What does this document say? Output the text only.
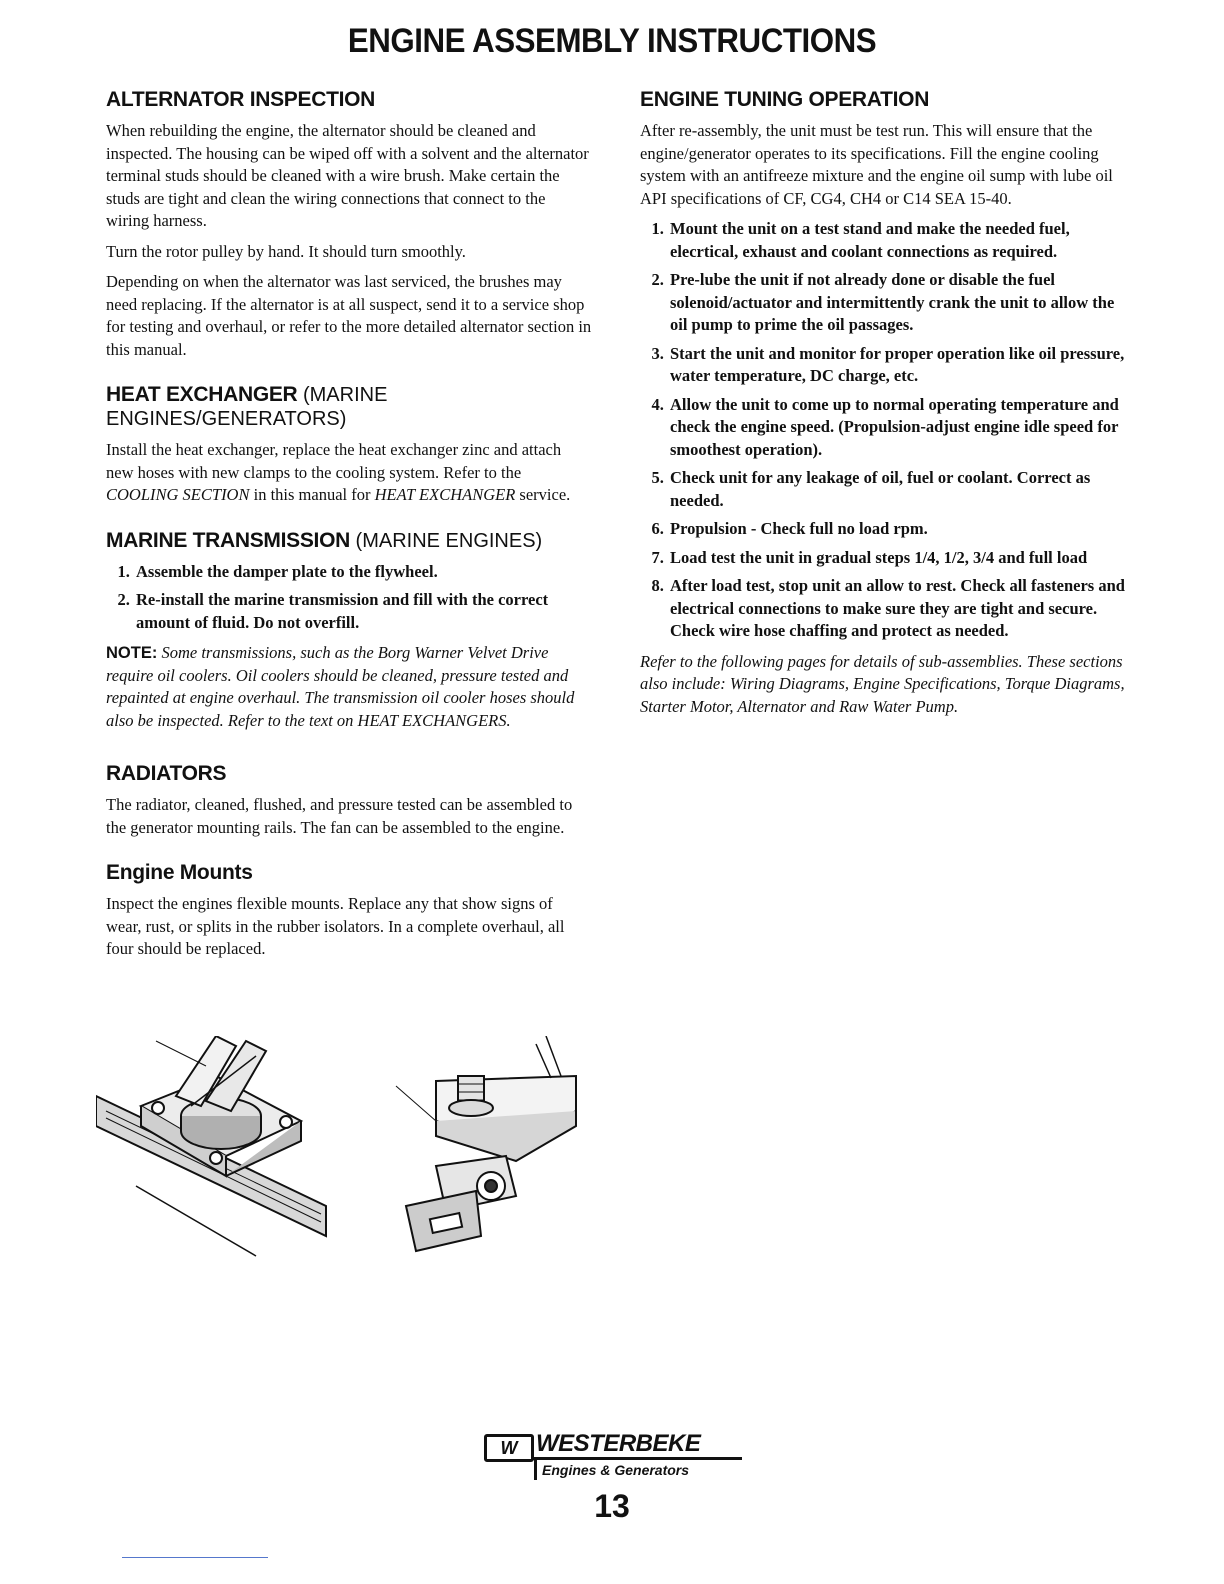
ENGINE ASSEMBLY INSTRUCTIONS
ALTERNATOR INSPECTION

When rebuilding the engine, the alternator should be cleaned and inspected. The housing can be wiped off with a solvent and the alternator terminal studs should be cleaned with a wire brush. Make certain the studs are tight and clean the wiring connections that connect to the wiring harness.

Turn the rotor pulley by hand. It should turn smoothly.

Depending on when the alternator was last serviced, the brushes may need replacing. If the alternator is at all suspect, send it to a service shop for testing and overhaul, or refer to the more detailed alternator section in this manual.

HEAT EXCHANGER (MARINE ENGINES/GENERATORS)

Install the heat exchanger, replace the heat exchanger zinc and attach new hoses with new clamps to the cooling system. Refer to the COOLING SECTION in this manual for HEAT EXCHANGER service.

MARINE TRANSMISSION (MARINE ENGINES)
1. Assemble the damper plate to the flywheel.
2. Re-install the marine transmission and fill with the correct amount of fluid. Do not overfill.

NOTE: Some transmissions, such as the Borg Warner Velvet Drive require oil coolers. Oil coolers should be cleaned, pressure tested and repainted at engine overhaul. The transmission oil cooler hoses should also be inspected. Refer to the text on HEAT EXCHANGERS.

RADIATORS

The radiator, cleaned, flushed, and pressure tested can be assembled to the generator mounting rails. The fan can be assembled to the engine.

Engine Mounts

Inspect the engines flexible mounts. Replace any that show signs of wear, rust, or splits in the rubber isolators. In a complete overhaul, all four should be replaced.

ENGINE TUNING OPERATION

After re-assembly, the unit must be test run. This will ensure that the engine/generator operates to its specifications. Fill the engine cooling system with an antifreeze mixture and the engine oil sump with lube oil API specifications of CF, CG4, CH4 or C14 SEA 15-40.

1. Mount the unit on a test stand and make the needed fuel, elecrtical, exhaust and coolant connections as required.
2. Pre-lube the unit if not already done or disable the fuel solenoid/actuator and intermittently crank the unit to allow the oil pump to prime the oil passages.
3. Start the unit and monitor for proper operation like oil pressure, water temperature, DC charge, etc.
4. Allow the unit to come up to normal operating temperature and check the engine speed. (Propulsion-adjust engine idle speed for smoothest operation).
5. Check unit for any leakage of oil, fuel or coolant. Correct as needed.
6. Propulsion - Check full no load rpm.
7. Load test the unit in gradual steps 1/4, 1/2, 3/4 and full load
8. After load test, stop unit an allow to rest. Check all fasteners and electrical connections to make sure they are tight and secure. Check wire hose chaffing and protect as needed.

Refer to the following pages for details of sub-assemblies. These sections also include: Wiring Diagrams, Engine Specifications, Torque Diagrams, Starter Motor, Alternator and Raw Water Pump.

W WESTERBEKE
Engines & Generators
13
